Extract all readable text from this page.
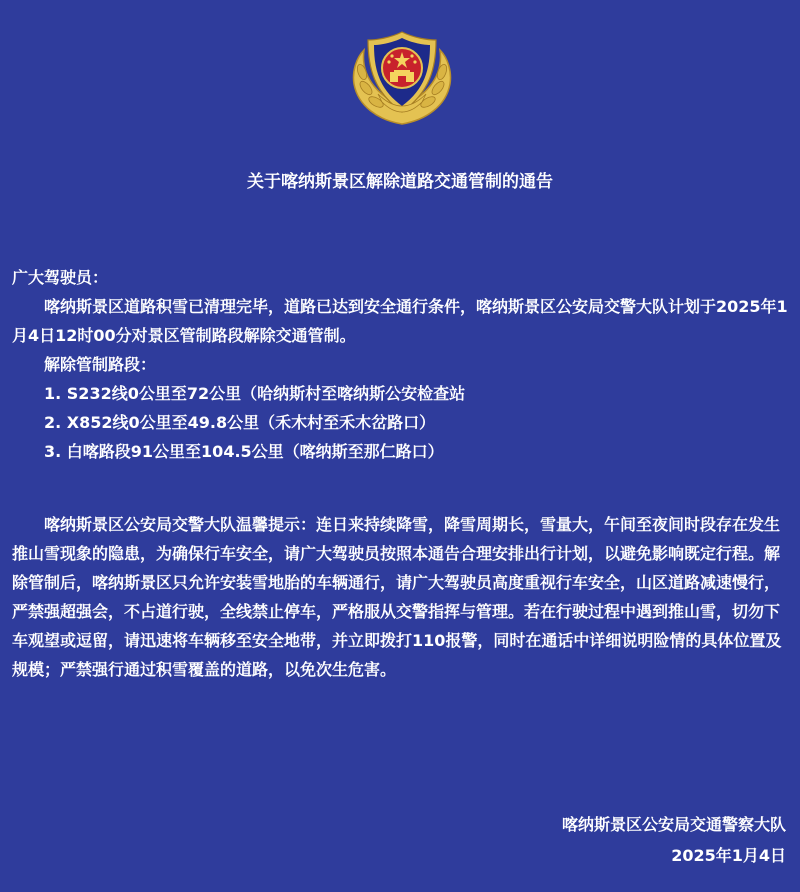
关于喀纳斯景区解除道路交通管制的通告

广大驾驶员：

喀纳斯景区道路积雪已清理完毕，道路已达到安全通行条件，喀纳斯景区公安局交警大队计划于2025年1月4日12时00分对景区管制路段解除交通管制。

解除管制路段：

1. S232线0公里至72公里（哈纳斯村至喀纳斯公安检查站

2. X852线0公里至49.8公里（禾木村至禾木岔路口）

3. 白喀路段91公里至104.5公里（喀纳斯至那仁路口）

喀纳斯景区公安局交警大队温馨提示：连日来持续降雪，降雪周期长，雪量大，午间至夜间时段存在发生推山雪现象的隐患，为确保行车安全，请广大驾驶员按照本通告合理安排出行计划，以避免影响既定行程。解除管制后，喀纳斯景区只允许安装雪地胎的车辆通行，请广大驾驶员高度重视行车安全，山区道路减速慢行，严禁强超强会，不占道行驶，全线禁止停车，严格服从交警指挥与管理。若在行驶过程中遇到推山雪，切勿下车观望或逗留，请迅速将车辆移至安全地带，并立即拨打110报警，同时在通话中详细说明险情的具体位置及规模；严禁强行通过积雪覆盖的道路，以免次生危害。

喀纳斯景区公安局交通警察大队
2025年1月4日
